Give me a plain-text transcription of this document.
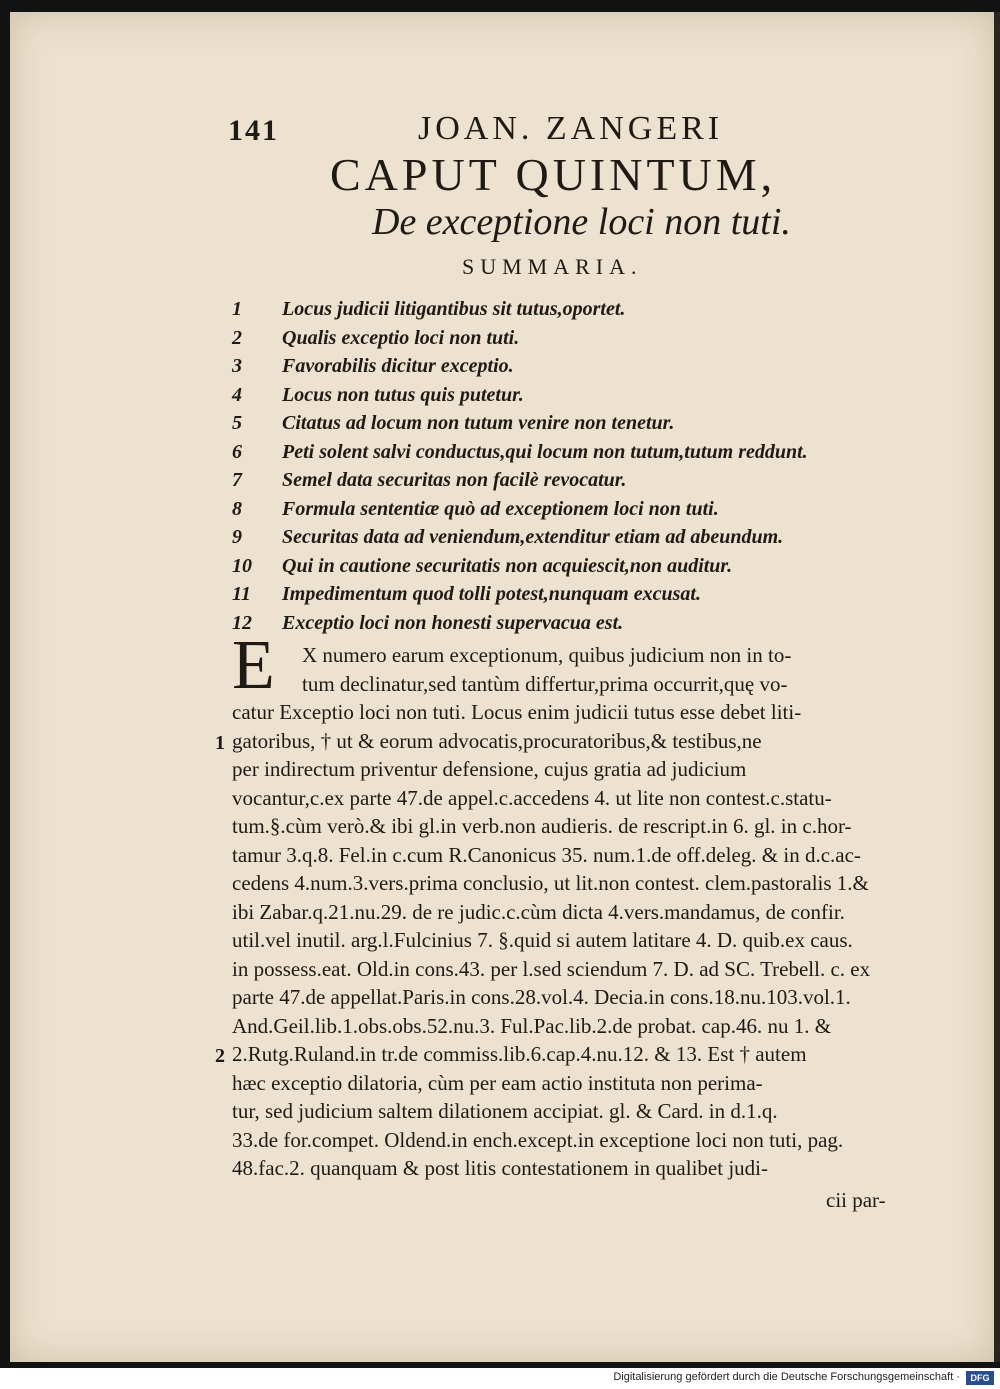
141	JOAN. ZANGERI
CAPUT QUINTUM,
De exceptione loci non tuti.
SUMMARIA.
1 Locus judicii litigantibus sit tutus,oportet.
2 Qualis exceptio loci non tuti.
3 Favorabilis dicitur exceptio.
4 Locus non tutus quis putetur.
5 Citatus ad locum non tutum venire non tenetur.
6 Peti solent salvi conductus,qui locum non tutum,tutum reddunt.
7 Semel data securitas non facilè revocatur.
8 Formula sententiæ quò ad exceptionem loci non tuti.
9 Securitas data ad veniendum,extenditur etiam ad abeundum.
10 Qui in cautione securitatis non acquiescit,non auditur.
11 Impedimentum quod tolli potest,nunquam excusat.
12 Exceptio loci non honesti supervacua est.
E X numero earum exceptionum, quibus judicium non in to-
tum declinatur,sed tantùm differtur,prima occurrit,quę vo-
catur Exceptio loci non tuti. Locus enim judicii tutus esse debet liti-
gatoribus, † ut & eorum advocatis,procuratoribus,& testibus,ne
per indirectum priventur defensione, cujus gratia ad judicium
vocantur,c.ex parte 47.de appel.c.accedens 4. ut lite non contest.c.statu-
tum.§.cùm verò.& ibi gl.in verb.non audieris. de rescript.in 6. gl. in c.hor-
tamur 3.q.8. Fel.in c.cum R.Canonicus 35. num.1.de off.deleg. & in d.c.ac-
cedens 4.num.3.vers.prima conclusio, ut lit.non contest. clem.pastoralis 1.&
ibi Zabar.q.21.nu.29. de re judic.c.cùm dicta 4.vers.mandamus, de confir.
util.vel inutil. arg.l.Fulcinius 7. §.quid si autem latitare 4. D. quib.ex caus.
in possess.eat. Old.in cons.43. per l.sed sciendum 7. D. ad SC. Trebell. c. ex
parte 47.de appellat.Paris.in cons.28.vol.4. Decia.in cons.18.nu.103.vol.1.
And.Geil.lib.1.obs.obs.52.nu.3. Ful.Pac.lib.2.de probat. cap.46. nu 1. &
2.Rutg.Ruland.in tr.de commiss.lib.6.cap.4.nu.12. & 13. Est † autem
hæc exceptio dilatoria, cùm per eam actio instituta non perima-
tur, sed judicium saltem dilationem accipiat. gl. & Card. in d.1.q.
33.de for.compet. Oldend.in ench.except.in exceptione loci non tuti, pag.
48.fac.2. quanquam & post litis contestationem in qualibet judi-
1
2
cii par-
Digitalisierung gefördert durch die Deutsche Forschungsgemeinschaft ·	DFG
